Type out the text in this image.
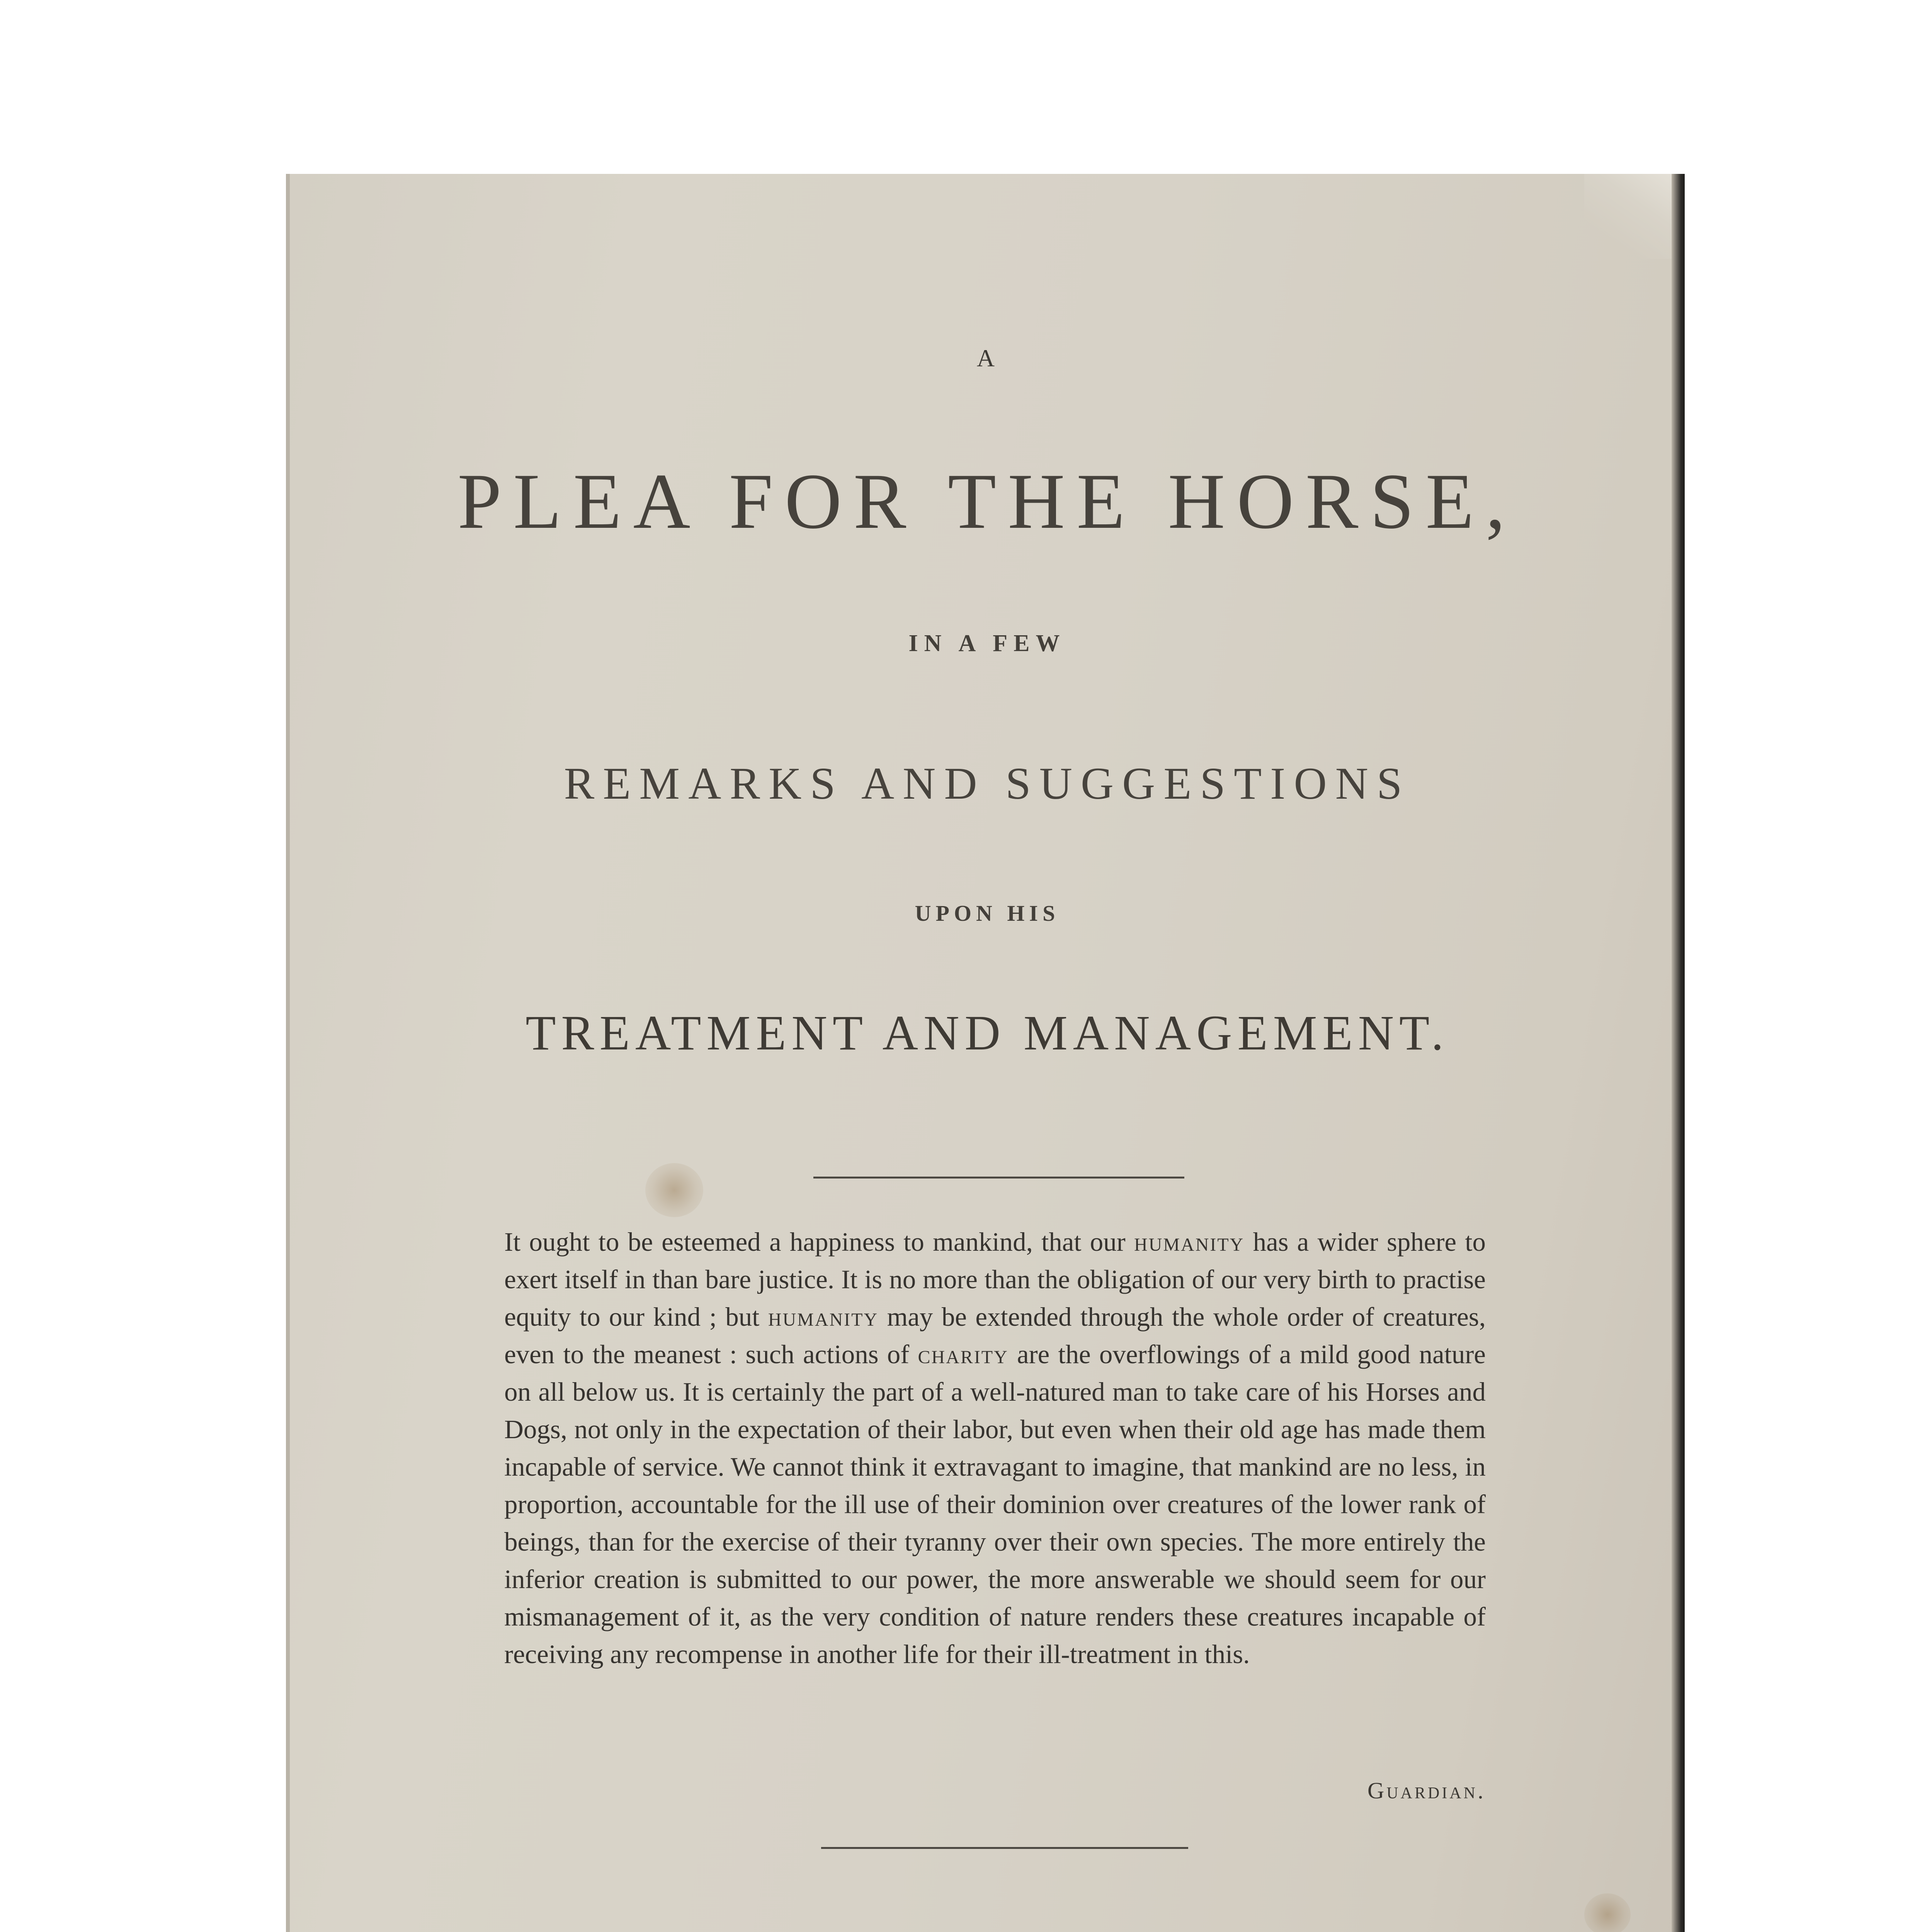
A
PLEA FOR THE HORSE,
IN A FEW
REMARKS AND SUGGESTIONS
UPON HIS
TREATMENT AND MANAGEMENT.

It ought to be esteemed a happiness to mankind, that our humanity has a wider sphere to exert itself in than bare justice. It is no more than the obligation of our very birth to practise equity to our kind ; but humanity may be extended through the whole order of creatures, even to the meanest : such actions of charity are the overflowings of a mild good nature on all below us. It is certainly the part of a well-natured man to take care of his Horses and Dogs, not only in the expectation of their labor, but even when their old age has made them incapable of service. We cannot think it extravagant to imagine, that mankind are no less, in proportion, accountable for the ill use of their dominion over creatures of the lower rank of beings, than for the exercise of their tyranny over their own species. The more entirely the inferior creation is submitted to our power, the more answerable we should seem for our mismanagement of it, as the very condition of nature renders these creatures incapable of receiving any recompense in another life for their ill-treatment in this.

Guardian.
